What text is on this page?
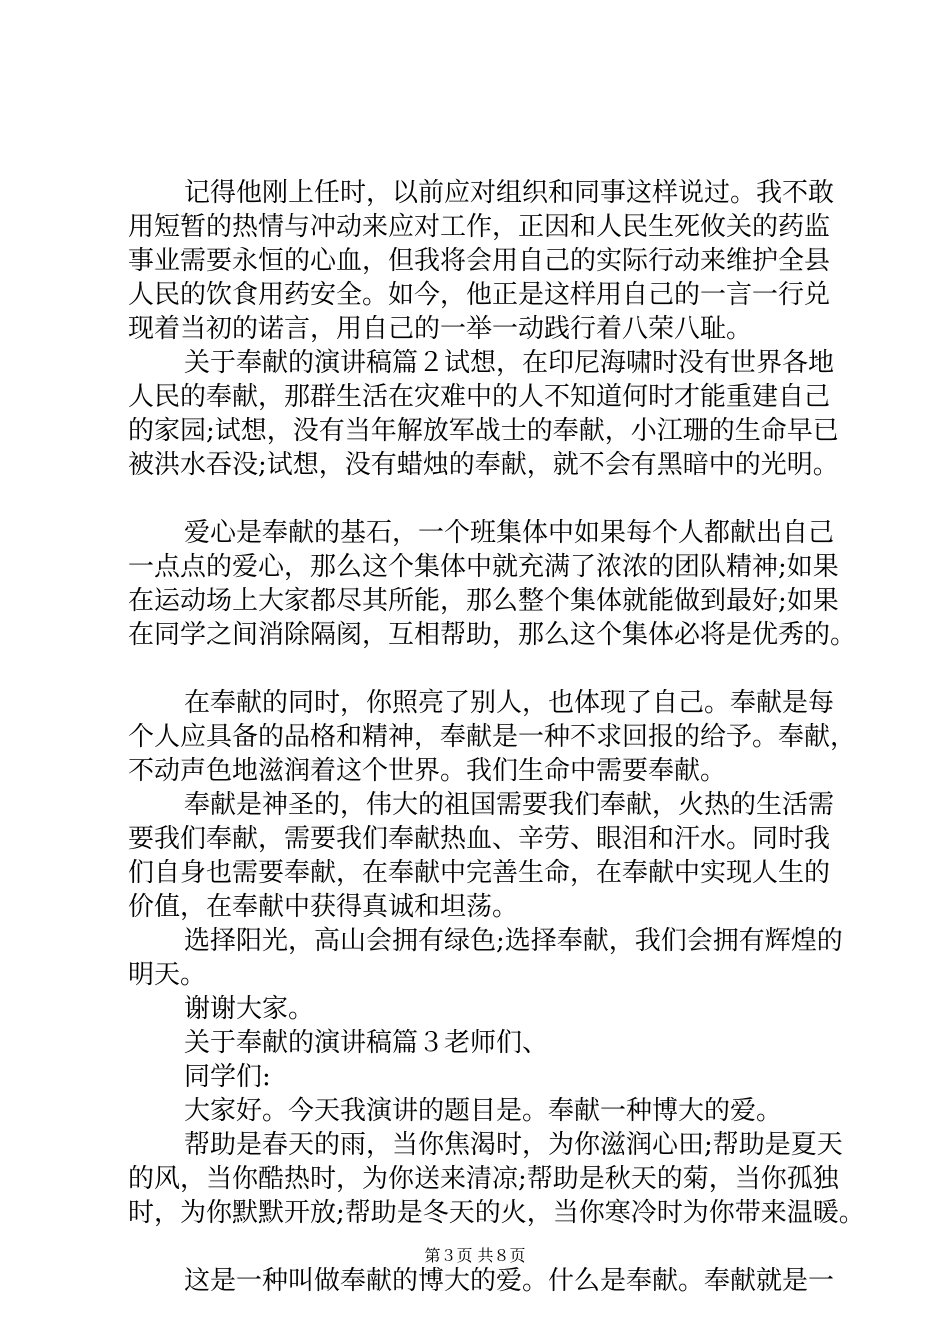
记得他刚上任时，以前应对组织和同事这样说过。我不敢
用短暂的热情与冲动来应对工作，正因和人民生死攸关的药监
事业需要永恒的心血，但我将会用自己的实际行动来维护全县
人民的饮食用药安全。如今，他正是这样用自己的一言一行兑
现着当初的诺言，用自己的一举一动践行着八荣八耻。
关于奉献的演讲稿篇２试想，在印尼海啸时没有世界各地
人民的奉献，那群生活在灾难中的人不知道何时才能重建自己
的家园;试想，没有当年解放军战士的奉献，小江珊的生命早已
被洪水吞没;试想，没有蜡烛的奉献，就不会有黑暗中的光明。
爱心是奉献的基石，一个班集体中如果每个人都献出自己
一点点的爱心，那么这个集体中就充满了浓浓的团队精神;如果
在运动场上大家都尽其所能，那么整个集体就能做到最好;如果
在同学之间消除隔阂，互相帮助，那么这个集体必将是优秀的。
在奉献的同时，你照亮了别人，也体现了自己。奉献是每
个人应具备的品格和精神，奉献是一种不求回报的给予。奉献，
不动声色地滋润着这个世界。我们生命中需要奉献。
奉献是神圣的，伟大的祖国需要我们奉献，火热的生活需
要我们奉献，需要我们奉献热血、辛劳、眼泪和汗水。同时我
们自身也需要奉献，在奉献中完善生命，在奉献中实现人生的
价值，在奉献中获得真诚和坦荡。
选择阳光，高山会拥有绿色;选择奉献，我们会拥有辉煌的
明天。
谢谢大家。
关于奉献的演讲稿篇３老师们、
同学们:
大家好。今天我演讲的题目是。奉献一种博大的爱。
帮助是春天的雨，当你焦渴时，为你滋润心田;帮助是夏天
的风，当你酷热时，为你送来清凉;帮助是秋天的菊，当你孤独
时，为你默默开放;帮助是冬天的火，当你寒冷时为你带来温暖。
这是一种叫做奉献的博大的爱。什么是奉献。奉献就是一
第３页 共８页
